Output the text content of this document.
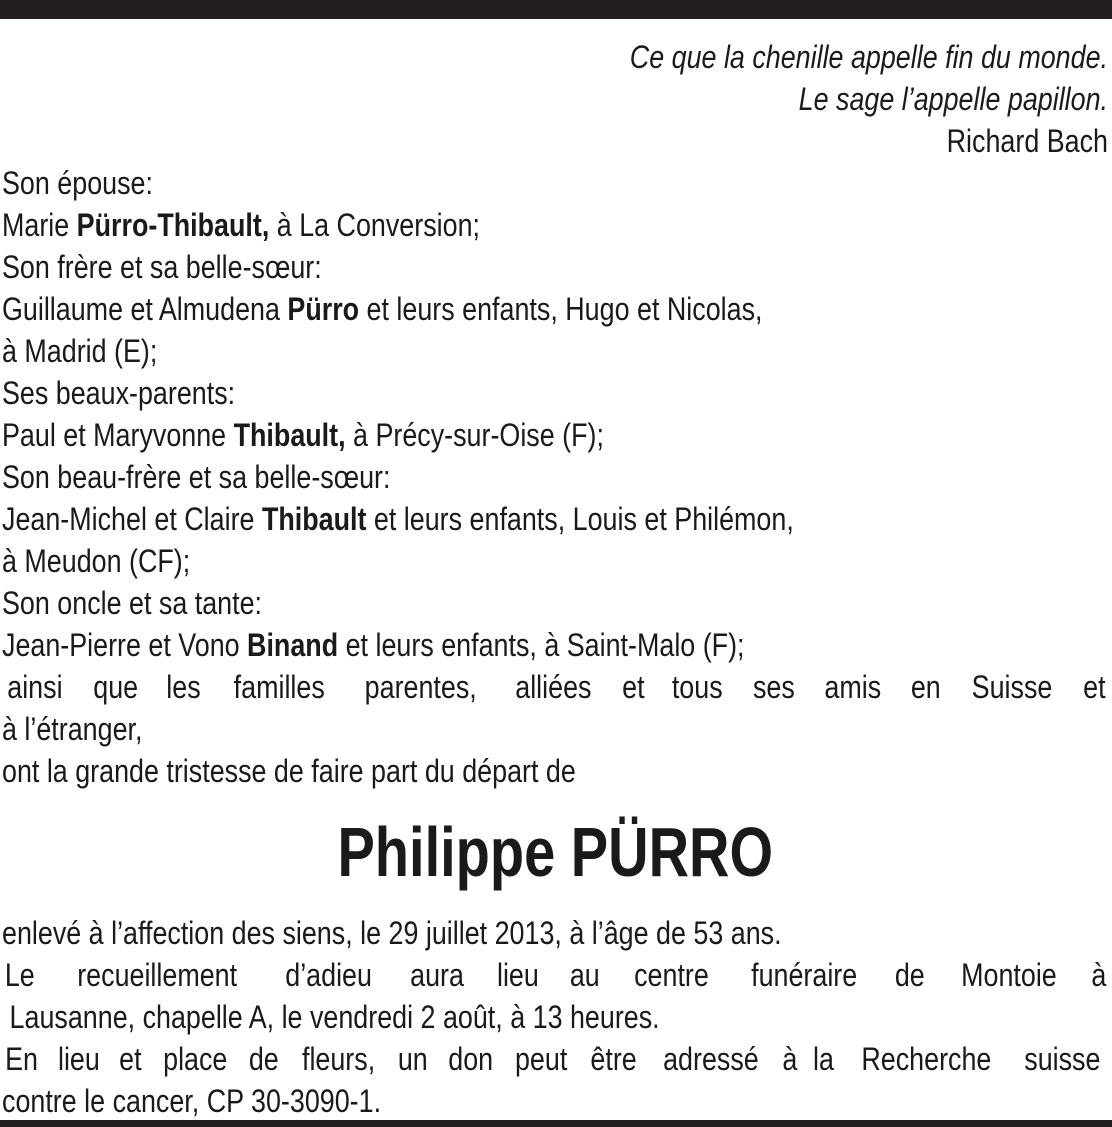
Ce que la chenille appelle fin du monde.
Le sage l’appelle papillon.
Richard Bach
Son épouse:
Marie Pürro-Thibault, à La Conversion;
Son frère et sa belle-sœur:
Guillaume et Almudena Pürro et leurs enfants, Hugo et Nicolas,
à Madrid (E);
Ses beaux-parents:
Paul et Maryvonne Thibault, à Précy-sur-Oise (F);
Son beau-frère et sa belle-sœur:
Jean-Michel et Claire Thibault et leurs enfants, Louis et Philémon,
à Meudon (CF);
Son oncle et sa tante:
Jean-Pierre et Vono Binand et leurs enfants, à Saint-Malo (F);
ainsi que les familles parentes, alliées et tous ses amis en Suisse et
à l’étranger,
ont la grande tristesse de faire part du départ de
Philippe PÜRRO
enlevé à l’affection des siens, le 29 juillet 2013, à l’âge de 53 ans.
Le recueillement d’adieu aura lieu au centre funéraire de Montoie à
Lausanne, chapelle A, le vendredi 2 août, à 13 heures.
En lieu et place de fleurs, un don peut être adressé à la Recherche suisse
contre le cancer, CP 30-3090-1.
